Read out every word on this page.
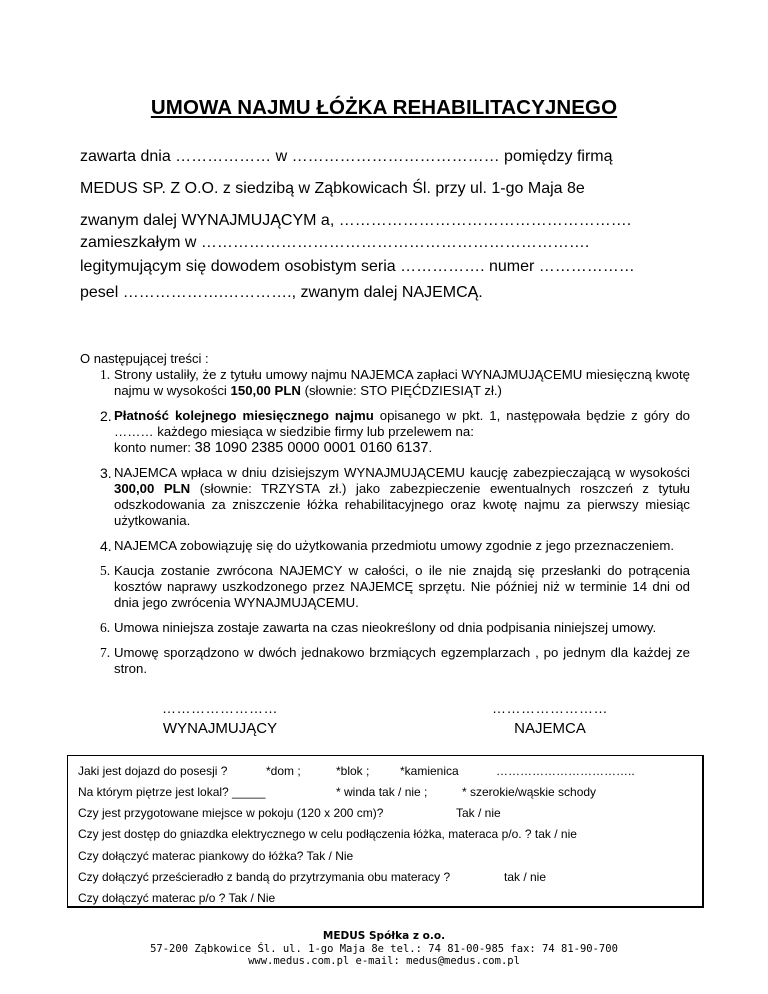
UMOWA NAJMU ŁÓŻKA REHABILITACYJNEGO
zawarta dnia ……………… w ………………………………… pomiędzy firmą
MEDUS SP. Z O.O. z siedzibą w Ząbkowicach Śl. przy ul. 1-go Maja 8e
zwanym dalej WYNAJMUJĄCYM a, ……………………………………………….
zamieszkałym w ……………………………………………………………….
legitymującym się dowodem osobistym seria ……………. numer ………………
pesel ……………….…………., zwanym dalej NAJEMCĄ.
O następującej treści :
1. Strony ustaliły, że z tytułu umowy najmu NAJEMCA zapłaci WYNAJMUJĄCEMU miesięczną kwotę najmu w wysokości 150,00 PLN (słownie: STO PIĘĆDZIESIĄT zł.)
2. Płatność kolejnego miesięcznego najmu opisanego w pkt. 1, następowała będzie z góry do ……… każdego miesiąca w siedzibie firmy lub przelewem na:
konto numer: 38 1090 2385 0000 0001 0160 6137.
3. NAJEMCA wpłaca w dniu dzisiejszym WYNAJMUJĄCEMU kaucję zabezpieczającą w wysokości 300,00 PLN (słownie: TRZYSTA zł.) jako zabezpieczenie ewentualnych roszczeń z tytułu odszkodowania za zniszczenie łóżka rehabilitacyjnego oraz kwotę najmu za pierwszy miesiąc użytkowania.
4. NAJEMCA zobowiązuję się do użytkowania przedmiotu umowy zgodnie z jego przeznaczeniem.
5. Kaucja zostanie zwrócona NAJEMCY w całości, o ile nie znajdą się przesłanki do potrącenia kosztów naprawy uszkodzonego przez NAJEMCĘ sprzętu. Nie później niż w terminie 14 dni od dnia jego zwrócenia WYNAJMUJĄCEMU.
6. Umowa niniejsza zostaje zawarta na czas nieokreślony od dnia podpisania niniejszej umowy.
7. Umowę sporządzono w dwóch jednakowo brzmiących egzemplarzach , po jednym dla każdej ze stron.
……………………
WYNAJMUJĄCY
……………………
NAJEMCA
Jaki jest dojazd do posesji ?	*dom ;	*blok ;	*kamienica	……………………………..
Na którym piętrze jest lokal? _____	* winda tak / nie ;	* szerokie/wąskie schody
Czy jest przygotowane miejsce w pokoju (120 x 200 cm)?	Tak / nie
Czy jest dostęp do gniazdka elektrycznego w celu podłączenia łóżka, materaca p/o. ? tak / nie
Czy dołączyć materac piankowy do łóżka? Tak / Nie
Czy dołączyć prześcieradło z bandą do przytrzymania obu materacy ?	tak / nie
Czy dołączyć materac p/o ? Tak / Nie
MEDUS Spółka z o.o.
57-200 Ząbkowice Śl. ul. 1-go Maja 8e tel.: 74 81-00-985 fax: 74 81-90-700
www.medus.com.pl e-mail: medus@medus.com.pl
